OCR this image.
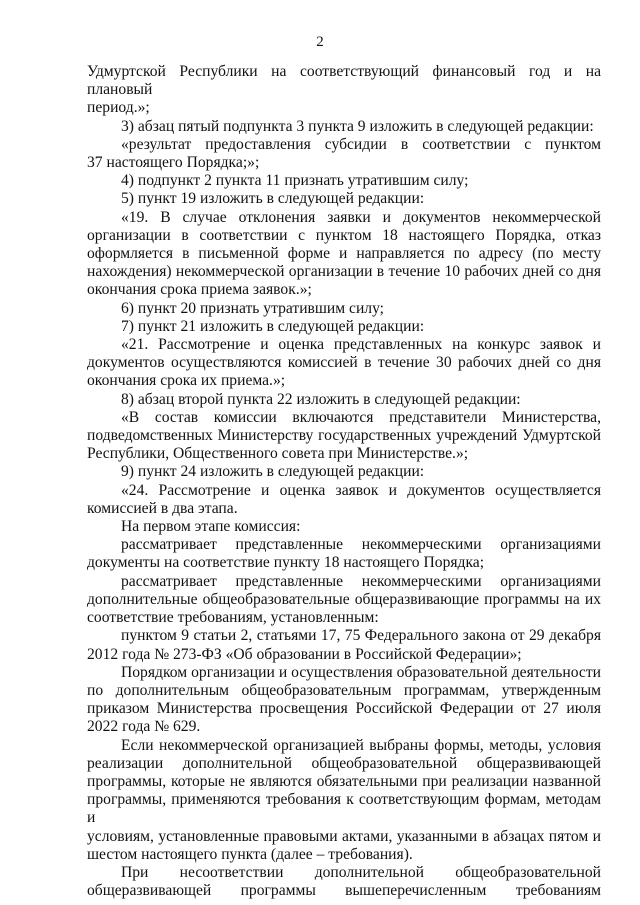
2

Удмуртской Республики на соответствующий финансовый год и на плановый

период.»;

3) абзац пятый подпункта 3 пункта 9 изложить в следующей редакции:

«результат предоставления субсидии в соответствии с пунктом

37 настоящего Порядка;»;

4) подпункт 2 пункта 11 признать утратившим силу;

5) пункт 19 изложить в следующей редакции:

«19. В случае отклонения заявки и документов некоммерческой

организации в соответствии с пунктом 18 настоящего Порядка, отказ

оформляется в письменной форме и направляется по адресу (по месту

нахождения) некоммерческой организации в течение 10 рабочих дней со дня

окончания срока приема заявок.»;

6) пункт 20 признать утратившим силу;

7) пункт 21 изложить в следующей редакции:

«21. Рассмотрение и оценка представленных на конкурс заявок и

документов осуществляются комиссией в течение 30 рабочих дней со дня

окончания срока их приема.»;

8) абзац второй пункта 22 изложить в следующей редакции:

«В состав комиссии включаются представители Министерства,

подведомственных Министерству государственных учреждений Удмуртской

Республики, Общественного совета при Министерстве.»;

9) пункт 24 изложить в следующей редакции:

«24. Рассмотрение и оценка заявок и документов осуществляется

комиссией в два этапа.

На первом этапе комиссия:

рассматривает представленные некоммерческими организациями

документы на соответствие пункту 18 настоящего Порядка;

рассматривает представленные некоммерческими организациями

дополнительные общеобразовательные общеразвивающие программы на их

соответствие требованиям, установленным:

пунктом 9 статьи 2, статьями 17, 75 Федерального закона от 29 декабря

2012 года № 273-ФЗ «Об образовании в Российской Федерации»;

Порядком организации и осуществления образовательной деятельности

по дополнительным общеобразовательным программам, утвержденным

приказом Министерства просвещения Российской Федерации от 27 июля

2022 года № 629.

Если некоммерческой организацией выбраны формы, методы, условия

реализации дополнительной общеобразовательной общеразвивающей

программы, которые не являются обязательными при реализации названной

программы, применяются требования к соответствующим формам, методам и

условиям, установленные правовыми актами, указанными в абзацах пятом и

шестом настоящего пункта (далее – требования).

При несоответствии дополнительной общеобразовательной

общеразвивающей программы вышеперечисленным требованиям
